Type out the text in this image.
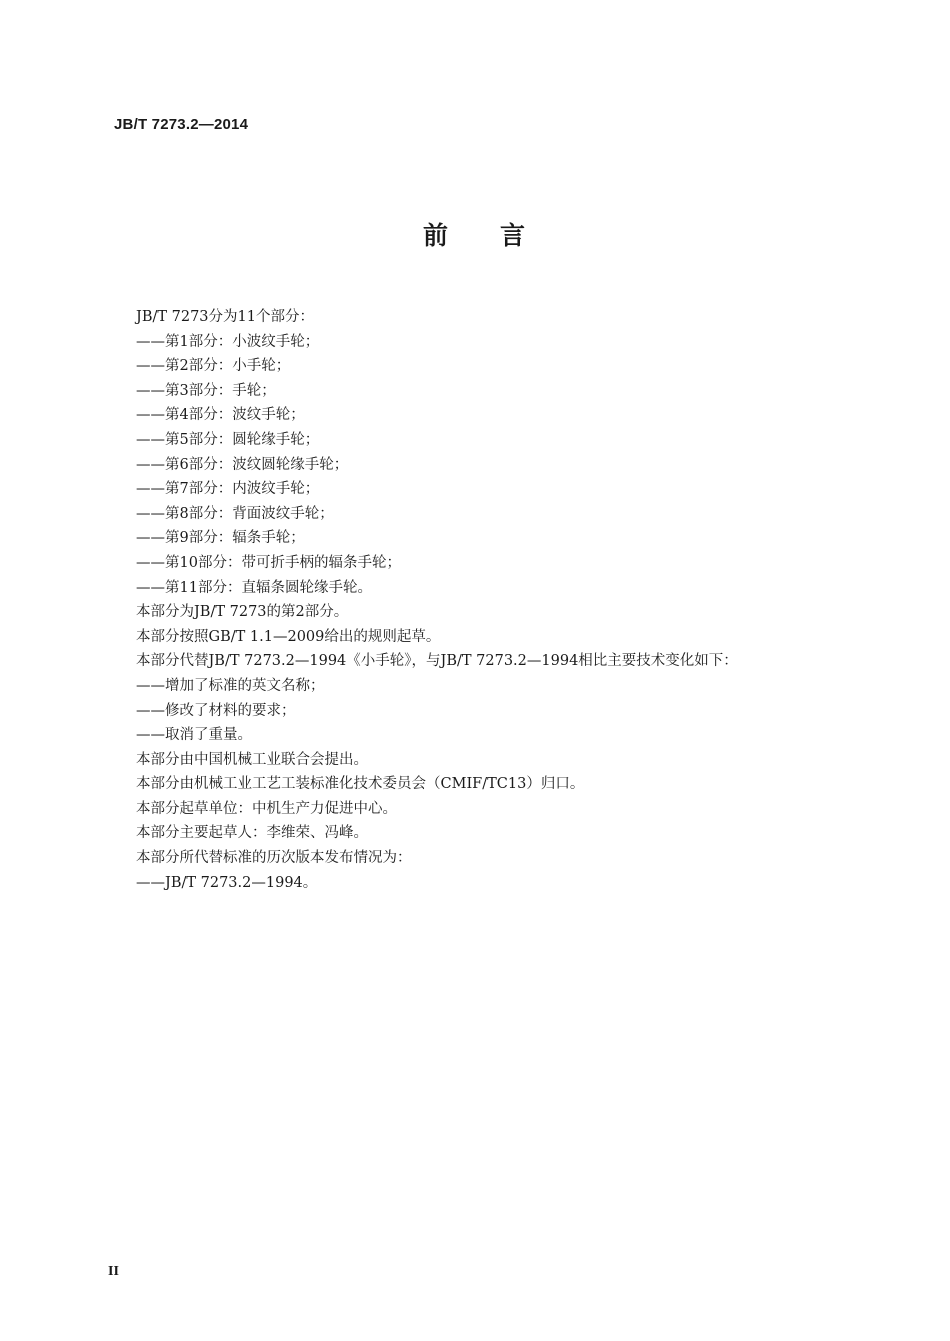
JB/T 7273.2—2014
前 言
JB/T 7273分为11个部分：
——第1部分：小波纹手轮；
——第2部分：小手轮；
——第3部分：手轮；
——第4部分：波纹手轮；
——第5部分：圆轮缘手轮；
——第6部分：波纹圆轮缘手轮；
——第7部分：内波纹手轮；
——第8部分：背面波纹手轮；
——第9部分：辐条手轮；
——第10部分：带可折手柄的辐条手轮；
——第11部分：直辐条圆轮缘手轮。
本部分为JB/T 7273的第2部分。
本部分按照GB/T 1.1—2009给出的规则起草。
本部分代替JB/T 7273.2—1994《小手轮》，与JB/T 7273.2—1994相比主要技术变化如下：
——增加了标准的英文名称；
——修改了材料的要求；
——取消了重量。
本部分由中国机械工业联合会提出。
本部分由机械工业工艺工装标准化技术委员会（CMIF/TC13）归口。
本部分起草单位：中机生产力促进中心。
本部分主要起草人：李维荣、冯峰。
本部分所代替标准的历次版本发布情况为：
——JB/T 7273.2—1994。
II
